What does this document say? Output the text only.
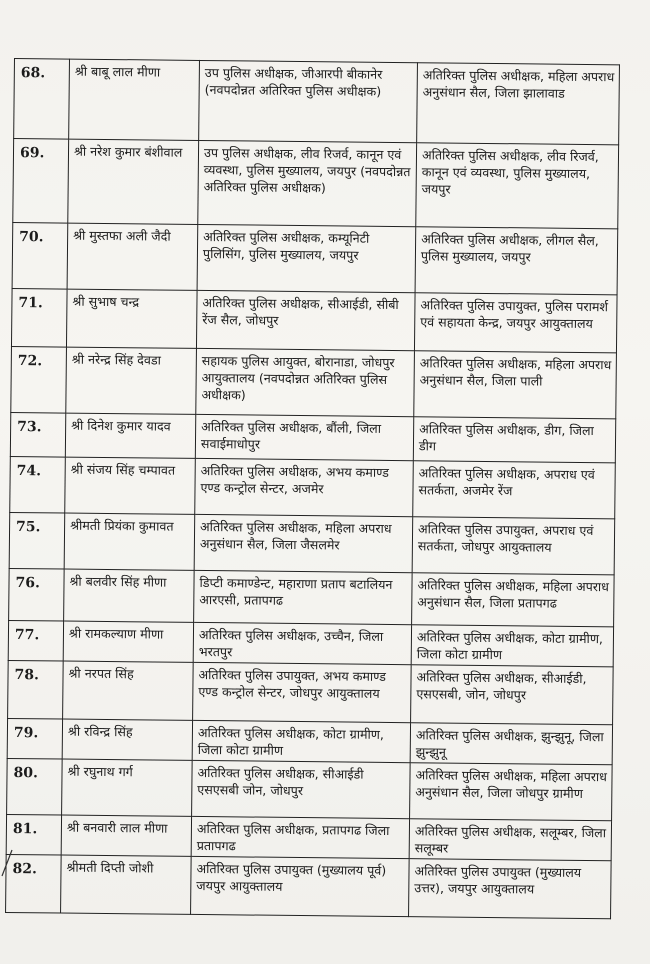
68.	श्री बाबू लाल मीणा	उप पुलिस अधीक्षक, जीआरपी बीकानेर (नवपदोन्नत अतिरिक्त पुलिस अधीक्षक)	अतिरिक्त पुलिस अधीक्षक, महिला अपराध अनुसंधान सैल, जिला झालावाड
69.	श्री नरेश कुमार बंशीवाल	उप पुलिस अधीक्षक, लीव रिजर्व, कानून एवं व्यवस्था, पुलिस मुख्यालय, जयपुर (नवपदोन्नत अतिरिक्त पुलिस अधीक्षक)	अतिरिक्त पुलिस अधीक्षक, लीव रिजर्व, कानून एवं व्यवस्था, पुलिस मुख्यालय, जयपुर
70.	श्री मुस्तफा अली जैदी	अतिरिक्त पुलिस अधीक्षक, कम्यूनिटी पुलिसिंग, पुलिस मुख्यालय, जयपुर	अतिरिक्त पुलिस अधीक्षक, लीगल सैल, पुलिस मुख्यालय, जयपुर
71.	श्री सुभाष चन्द्र	अतिरिक्त पुलिस अधीक्षक, सीआईडी, सीबी रेंज सैल, जोधपुर	अतिरिक्त पुलिस उपायुक्त, पुलिस परामर्श एवं सहायता केन्द्र, जयपुर आयुक्तालय
72.	श्री नरेन्द्र सिंह देवडा	सहायक पुलिस आयुक्त, बोरानाडा, जोधपुर आयुक्तालय (नवपदोन्नत अतिरिक्त पुलिस अधीक्षक)	अतिरिक्त पुलिस अधीक्षक, महिला अपराध अनुसंधान सैल, जिला पाली
73.	श्री दिनेश कुमार यादव	अतिरिक्त पुलिस अधीक्षक, बौंली, जिला सवाईमाधोपुर	अतिरिक्त पुलिस अधीक्षक, डीग, जिला डीग
74.	श्री संजय सिंह चम्पावत	अतिरिक्त पुलिस अधीक्षक, अभय कमाण्ड एण्ड कन्ट्रोल सेन्टर, अजमेर	अतिरिक्त पुलिस अधीक्षक, अपराध एवं सतर्कता, अजमेर रेंज
75.	श्रीमती प्रियंका कुमावत	अतिरिक्त पुलिस अधीक्षक, महिला अपराध अनुसंधान सैल, जिला जैसलमेर	अतिरिक्त पुलिस उपायुक्त, अपराध एवं सतर्कता, जोधपुर आयुक्तालय
76.	श्री बलवीर सिंह मीणा	डिप्टी कमाण्डेन्ट, महाराणा प्रताप बटालियन आरएसी, प्रतापगढ	अतिरिक्त पुलिस अधीक्षक, महिला अपराध अनुसंधान सैल, जिला प्रतापगढ
77.	श्री रामकल्याण मीणा	अतिरिक्त पुलिस अधीक्षक, उच्चैन, जिला भरतपुर	अतिरिक्त पुलिस अधीक्षक, कोटा ग्रामीण, जिला कोटा ग्रामीण
78.	श्री नरपत सिंह	अतिरिक्त पुलिस उपायुक्त, अभय कमाण्ड एण्ड कन्ट्रोल सेन्टर, जोधपुर आयुक्तालय	अतिरिक्त पुलिस अधीक्षक, सीआईडी, एसएसबी, जोन, जोधपुर
79.	श्री रविन्द्र सिंह	अतिरिक्त पुलिस अधीक्षक, कोटा ग्रामीण, जिला कोटा ग्रामीण	अतिरिक्त पुलिस अधीक्षक, झुन्झुनू, जिला झुन्झुनू
80.	श्री रघुनाथ गर्ग	अतिरिक्त पुलिस अधीक्षक, सीआईडी एसएसबी जोन, जोधपुर	अतिरिक्त पुलिस अधीक्षक, महिला अपराध अनुसंधान सैल, जिला जोधपुर ग्रामीण
81.	श्री बनवारी लाल मीणा	अतिरिक्त पुलिस अधीक्षक, प्रतापगढ जिला प्रतापगढ	अतिरिक्त पुलिस अधीक्षक, सलूम्बर, जिला सलूम्बर
82.	श्रीमती दिप्ती जोशी	अतिरिक्त पुलिस उपायुक्त (मुख्यालय पूर्व) जयपुर आयुक्तालय	अतिरिक्त पुलिस उपायुक्त (मुख्यालय उत्तर), जयपुर आयुक्तालय
